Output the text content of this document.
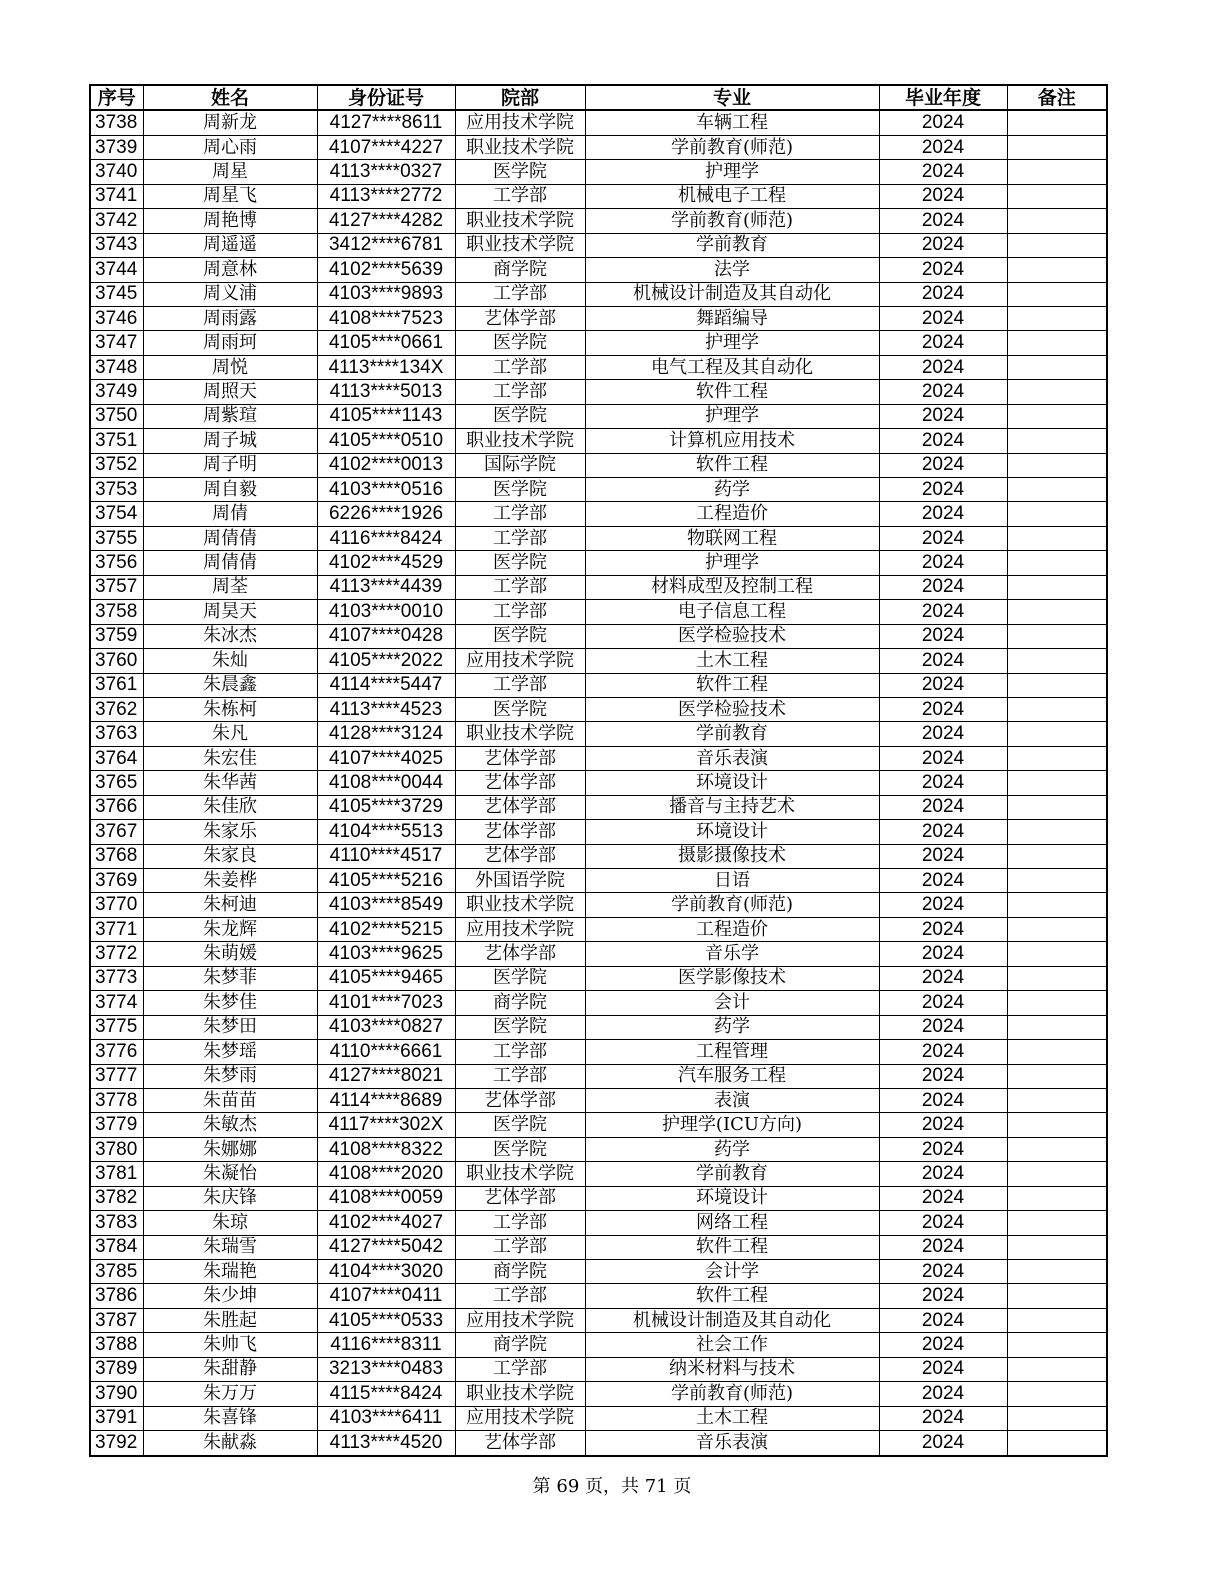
序号	姓名	身份证号	院部	专业	毕业年度	备注
3738	周新龙	4127****8611	应用技术学院	车辆工程	2024	
3739	周心雨	4107****4227	职业技术学院	学前教育(师范)	2024	
3740	周星	4113****0327	医学院	护理学	2024	
3741	周星飞	4113****2772	工学部	机械电子工程	2024	
3742	周艳博	4127****4282	职业技术学院	学前教育(师范)	2024	
3743	周遥遥	3412****6781	职业技术学院	学前教育	2024	
3744	周意林	4102****5639	商学院	法学	2024	
3745	周义浦	4103****9893	工学部	机械设计制造及其自动化	2024	
3746	周雨露	4108****7523	艺体学部	舞蹈编导	2024	
3747	周雨珂	4105****0661	医学院	护理学	2024	
3748	周悦	4113****134X	工学部	电气工程及其自动化	2024	
3749	周照天	4113****5013	工学部	软件工程	2024	
3750	周紫瑄	4105****1143	医学院	护理学	2024	
3751	周子城	4105****0510	职业技术学院	计算机应用技术	2024	
3752	周子明	4102****0013	国际学院	软件工程	2024	
3753	周自毅	4103****0516	医学院	药学	2024	
3754	周倩	6226****1926	工学部	工程造价	2024	
3755	周倩倩	4116****8424	工学部	物联网工程	2024	
3756	周倩倩	4102****4529	医学院	护理学	2024	
3757	周荃	4113****4439	工学部	材料成型及控制工程	2024	
3758	周昊天	4103****0010	工学部	电子信息工程	2024	
3759	朱冰杰	4107****0428	医学院	医学检验技术	2024	
3760	朱灿	4105****2022	应用技术学院	土木工程	2024	
3761	朱晨鑫	4114****5447	工学部	软件工程	2024	
3762	朱栋柯	4113****4523	医学院	医学检验技术	2024	
3763	朱凡	4128****3124	职业技术学院	学前教育	2024	
3764	朱宏佳	4107****4025	艺体学部	音乐表演	2024	
3765	朱华茜	4108****0044	艺体学部	环境设计	2024	
3766	朱佳欣	4105****3729	艺体学部	播音与主持艺术	2024	
3767	朱家乐	4104****5513	艺体学部	环境设计	2024	
3768	朱家良	4110****4517	艺体学部	摄影摄像技术	2024	
3769	朱姜桦	4105****5216	外国语学院	日语	2024	
3770	朱柯迪	4103****8549	职业技术学院	学前教育(师范)	2024	
3771	朱龙辉	4102****5215	应用技术学院	工程造价	2024	
3772	朱萌媛	4103****9625	艺体学部	音乐学	2024	
3773	朱梦菲	4105****9465	医学院	医学影像技术	2024	
3774	朱梦佳	4101****7023	商学院	会计	2024	
3775	朱梦田	4103****0827	医学院	药学	2024	
3776	朱梦瑶	4110****6661	工学部	工程管理	2024	
3777	朱梦雨	4127****8021	工学部	汽车服务工程	2024	
3778	朱苗苗	4114****8689	艺体学部	表演	2024	
3779	朱敏杰	4117****302X	医学院	护理学(ICU方向)	2024	
3780	朱娜娜	4108****8322	医学院	药学	2024	
3781	朱凝怡	4108****2020	职业技术学院	学前教育	2024	
3782	朱庆锋	4108****0059	艺体学部	环境设计	2024	
3783	朱琼	4102****4027	工学部	网络工程	2024	
3784	朱瑞雪	4127****5042	工学部	软件工程	2024	
3785	朱瑞艳	4104****3020	商学院	会计学	2024	
3786	朱少坤	4107****0411	工学部	软件工程	2024	
3787	朱胜起	4105****0533	应用技术学院	机械设计制造及其自动化	2024	
3788	朱帅飞	4116****8311	商学院	社会工作	2024	
3789	朱甜静	3213****0483	工学部	纳米材料与技术	2024	
3790	朱万万	4115****8424	职业技术学院	学前教育(师范)	2024	
3791	朱喜锋	4103****6411	应用技术学院	土木工程	2024	
3792	朱献淼	4113****4520	艺体学部	音乐表演	2024	
第 69 页，共 71 页
